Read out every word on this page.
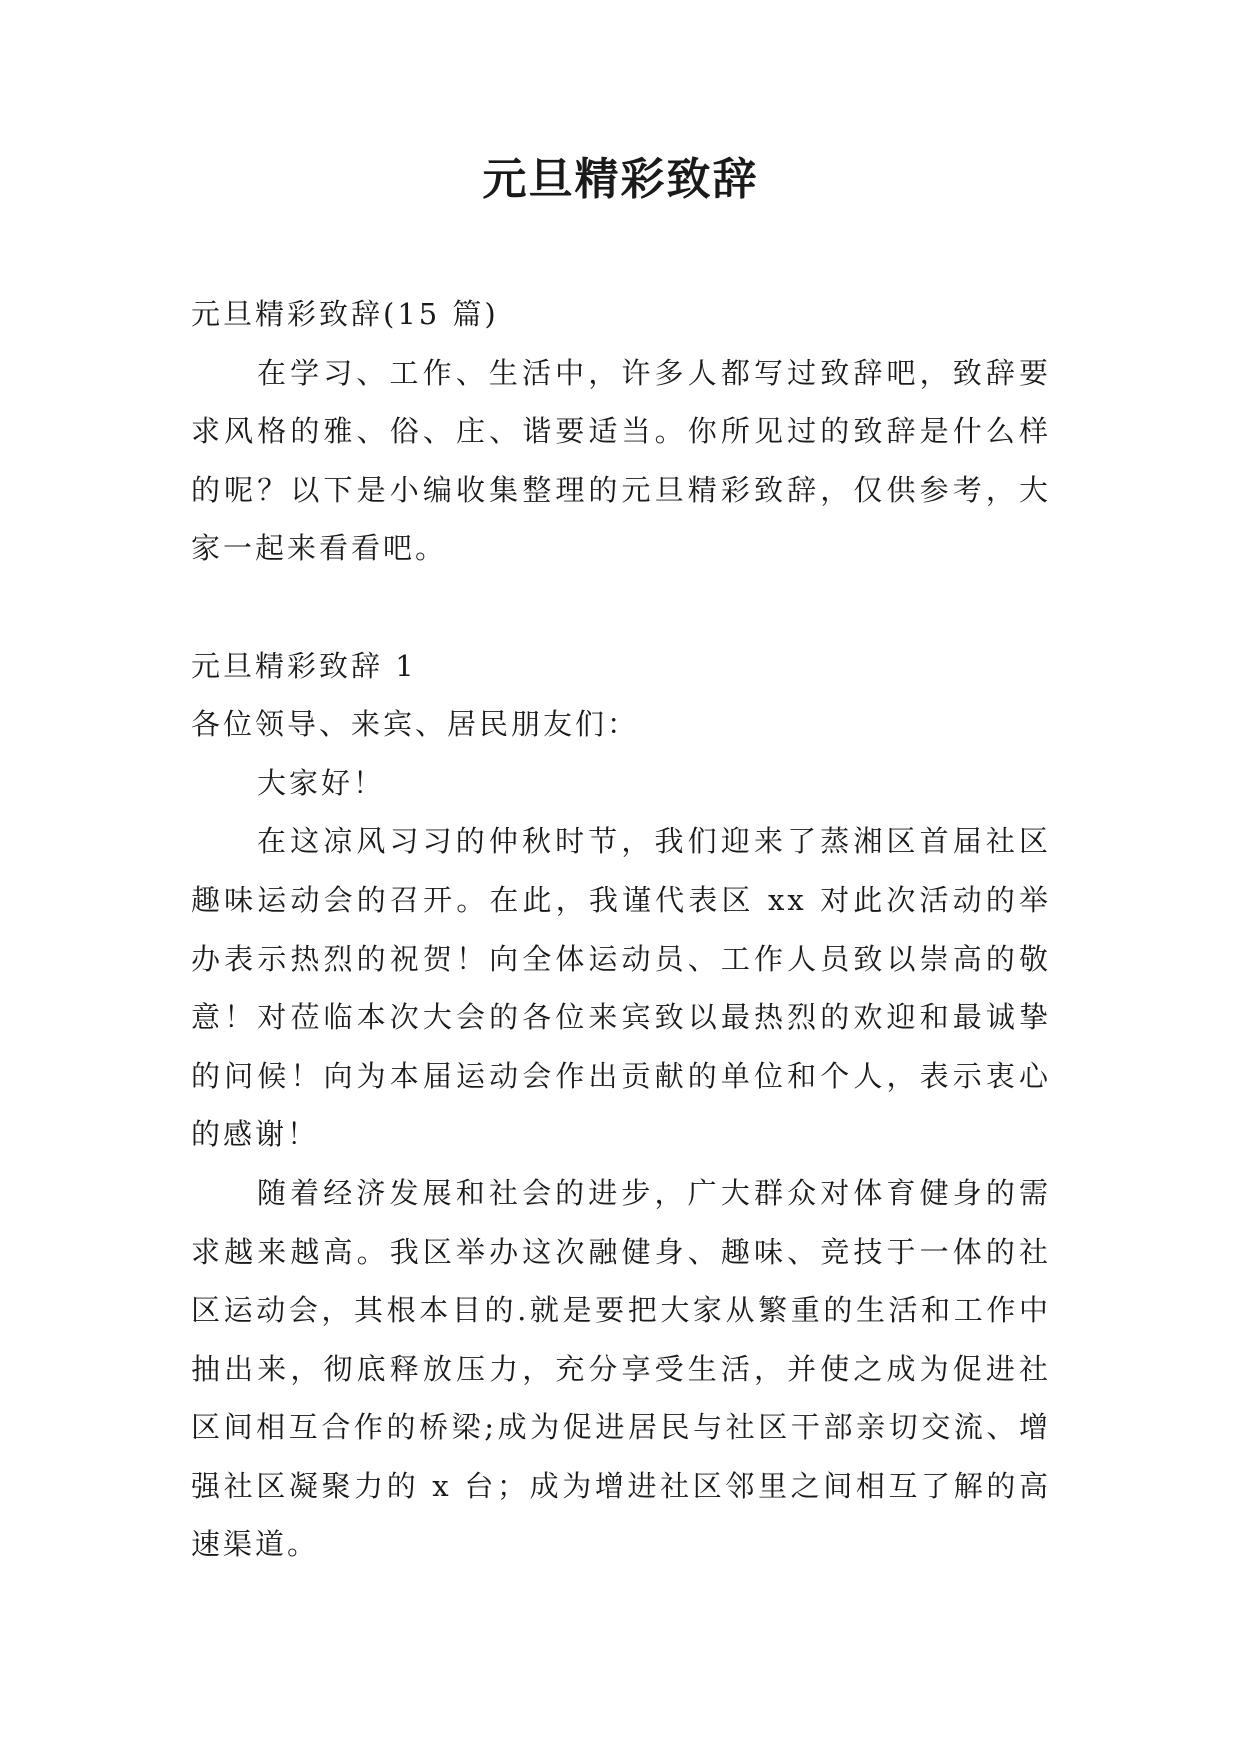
元旦精彩致辞

元旦精彩致辞(15 篇)

在学习、工作、生活中，许多人都写过致辞吧，致辞要求风格的雅、俗、庄、谐要适当。你所见过的致辞是什么样的呢？以下是小编收集整理的元旦精彩致辞，仅供参考，大家一起来看看吧。

元旦精彩致辞 1

各位领导、来宾、居民朋友们：

大家好！

在这凉风习习的仲秋时节，我们迎来了蒸湘区首届社区趣味运动会的召开。在此，我谨代表区 xx 对此次活动的举办表示热烈的祝贺！向全体运动员、工作人员致以崇高的敬意！对莅临本次大会的各位来宾致以最热烈的欢迎和最诚挚的问候！向为本届运动会作出贡献的单位和个人，表示衷心的感谢！

随着经济发展和社会的进步，广大群众对体育健身的需求越来越高。我区举办这次融健身、趣味、竞技于一体的社区运动会，其根本目的.就是要把大家从繁重的生活和工作中抽出来，彻底释放压力，充分享受生活，并使之成为促进社区间相互合作的桥梁;成为促进居民与社区干部亲切交流、增强社区凝聚力的 x 台；成为增进社区邻里之间相互了解的高速渠道。
